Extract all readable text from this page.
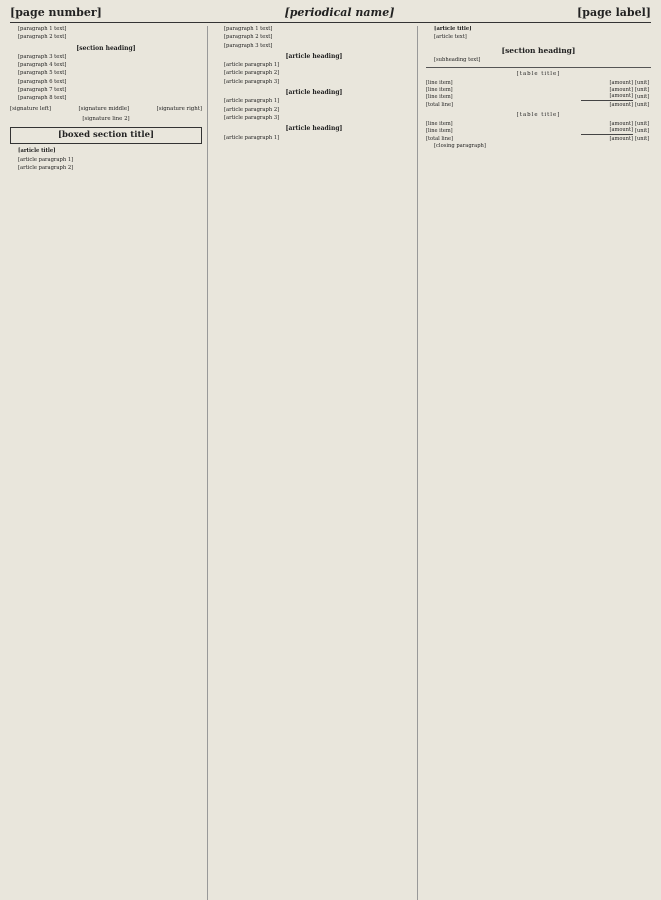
[page number]	[periodical name]	[page label]

[paragraph 1 text]

[paragraph 2 text]

[section heading]

[paragraph 3 text]

[paragraph 4 text]

[paragraph 5 text]

[paragraph 6 text]

[paragraph 7 text]

[paragraph 8 text]

[signature left]	[signature middle]	[signature right]
[signature line 2]
[boxed section title]

[article title]

[article paragraph 1]

[article paragraph 2]

[paragraph 1 text]

[paragraph 2 text]

[paragraph 3 text]

[article heading]

[article paragraph 1]

[article paragraph 2]

[article paragraph 3]

[article heading]

[article paragraph 1]

[article paragraph 2]

[article paragraph 3]

[article heading]

[article paragraph 1]

[article title]

[article text]

[section heading]

[subheading text]

[table title]
[line item]	[amount]	[unit]
[line item]	[amount]	[unit]
[line item]	[amount]	[unit]
[total line]	[amount]	[unit]
[table title]
[line item]	[amount]	[unit]
[line item]	[amount]	[unit]
[total line]	[amount]	[unit]

[closing paragraph]
